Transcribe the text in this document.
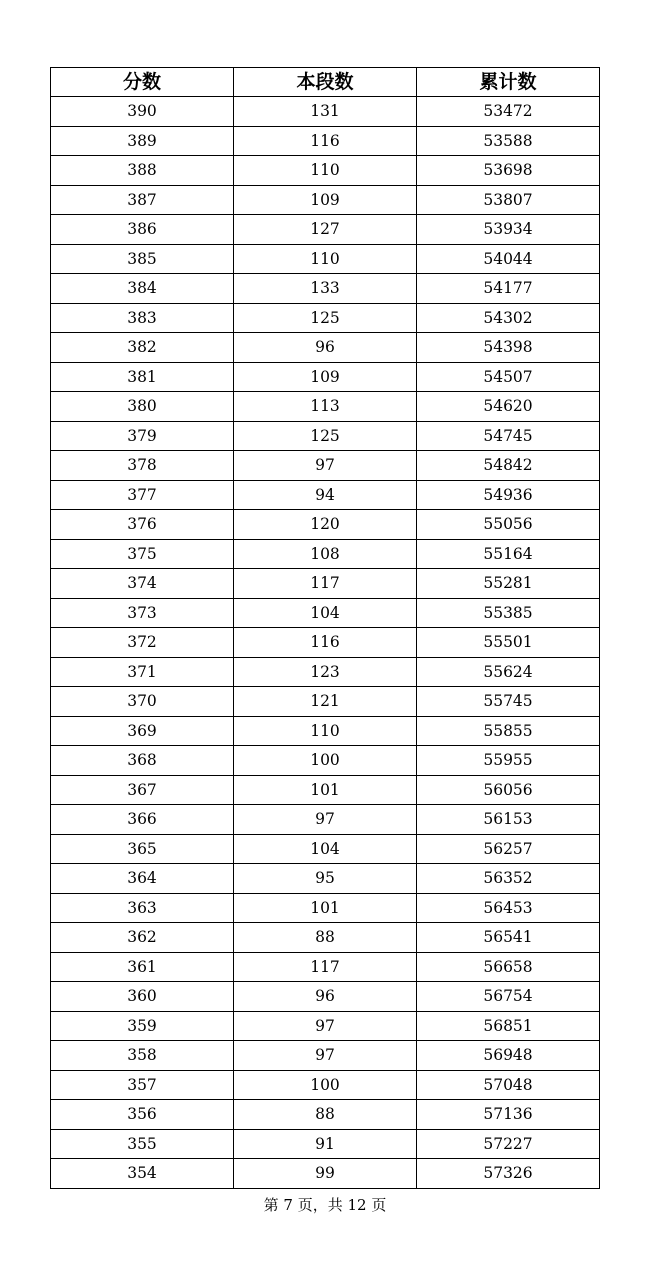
分数	本段数	累计数
390	131	53472
389	116	53588
388	110	53698
387	109	53807
386	127	53934
385	110	54044
384	133	54177
383	125	54302
382	96	54398
381	109	54507
380	113	54620
379	125	54745
378	97	54842
377	94	54936
376	120	55056
375	108	55164
374	117	55281
373	104	55385
372	116	55501
371	123	55624
370	121	55745
369	110	55855
368	100	55955
367	101	56056
366	97	56153
365	104	56257
364	95	56352
363	101	56453
362	88	56541
361	117	56658
360	96	56754
359	97	56851
358	97	56948
357	100	57048
356	88	57136
355	91	57227
354	99	57326
第 7 页，共 12 页
